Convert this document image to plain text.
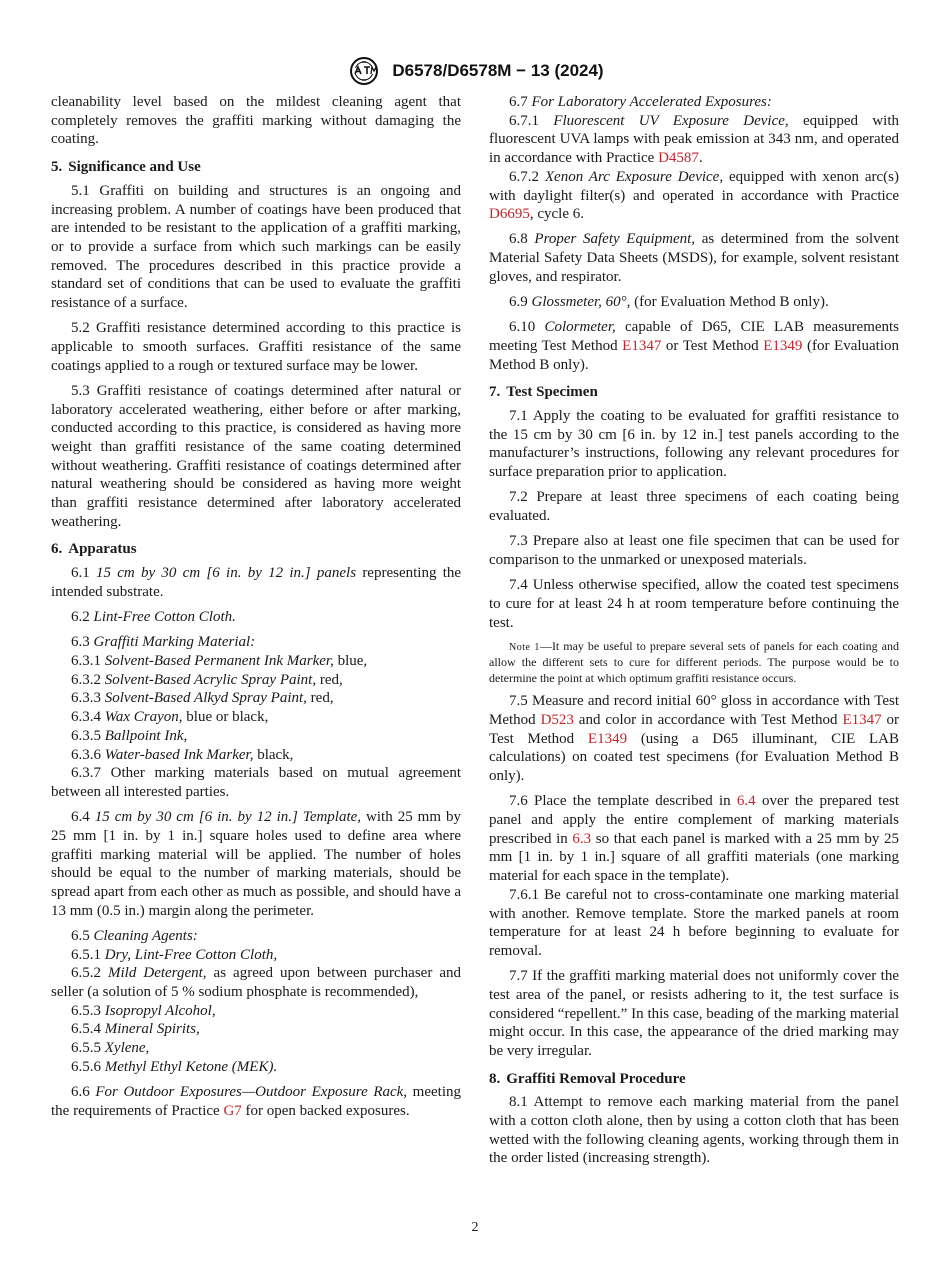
D6578/D6578M − 13 (2024)

cleanability level based on the mildest cleaning agent that completely removes the graffiti marking without damaging the coating.

5. Significance and Use

5.1 Graffiti on building and structures is an ongoing and increasing problem. A number of coatings have been produced that are intended to be resistant to the application of a graffiti marking, or to provide a surface from which such markings can be easily removed. The procedures described in this practice provide a standard set of conditions that can be used to evaluate the graffiti resistance of a surface.

5.2 Graffiti resistance determined according to this practice is applicable to smooth surfaces. Graffiti resistance of the same coatings applied to a rough or textured surface may be lower.

5.3 Graffiti resistance of coatings determined after natural or laboratory accelerated weathering, either before or after marking, conducted according to this practice, is considered as having more weight than graffiti resistance of the same coating determined without weathering. Graffiti resistance of coatings determined after natural weathering should be considered as having more weight than graffiti resistance determined after laboratory accelerated weathering.

6. Apparatus

6.1 15 cm by 30 cm [6 in. by 12 in.] panels representing the intended substrate.

6.2 Lint-Free Cotton Cloth.

6.3 Graffiti Marking Material:

6.3.1 Solvent-Based Permanent Ink Marker, blue,

6.3.2 Solvent-Based Acrylic Spray Paint, red,

6.3.3 Solvent-Based Alkyd Spray Paint, red,

6.3.4 Wax Crayon, blue or black,

6.3.5 Ballpoint Ink,

6.3.6 Water-based Ink Marker, black,

6.3.7 Other marking materials based on mutual agreement between all interested parties.

6.4 15 cm by 30 cm [6 in. by 12 in.] Template, with 25 mm by 25 mm [1 in. by 1 in.] square holes used to define area where graffiti marking material will be applied. The number of holes should be equal to the number of marking materials, should be spread apart from each other as much as possible, and should have a 13 mm (0.5 in.) margin along the perimeter.

6.5 Cleaning Agents:

6.5.1 Dry, Lint-Free Cotton Cloth,

6.5.2 Mild Detergent, as agreed upon between purchaser and seller (a solution of 5 % sodium phosphate is recommended),

6.5.3 Isopropyl Alcohol,

6.5.4 Mineral Spirits,

6.5.5 Xylene,

6.5.6 Methyl Ethyl Ketone (MEK).

6.6 For Outdoor Exposures—Outdoor Exposure Rack, meeting the requirements of Practice G7 for open backed exposures.

6.7 For Laboratory Accelerated Exposures:

6.7.1 Fluorescent UV Exposure Device, equipped with fluorescent UVA lamps with peak emission at 343 nm, and operated in accordance with Practice D4587.

6.7.2 Xenon Arc Exposure Device, equipped with xenon arc(s) with daylight filter(s) and operated in accordance with Practice D6695, cycle 6.

6.8 Proper Safety Equipment, as determined from the solvent Material Safety Data Sheets (MSDS), for example, solvent resistant gloves, and respirator.

6.9 Glossmeter, 60°, (for Evaluation Method B only).

6.10 Colormeter, capable of D65, CIE LAB measurements meeting Test Method E1347 or Test Method E1349 (for Evaluation Method B only).

7. Test Specimen

7.1 Apply the coating to be evaluated for graffiti resistance to the 15 cm by 30 cm [6 in. by 12 in.] test panels according to the manufacturer’s instructions, following any relevant procedures for surface preparation prior to application.

7.2 Prepare at least three specimens of each coating being evaluated.

7.3 Prepare also at least one file specimen that can be used for comparison to the unmarked or unexposed materials.

7.4 Unless otherwise specified, allow the coated test specimens to cure for at least 24 h at room temperature before continuing the test.

Note 1—It may be useful to prepare several sets of panels for each coating and allow the different sets to cure for different periods. The purpose would be to determine the point at which optimum graffiti resistance occurs.

7.5 Measure and record initial 60° gloss in accordance with Test Method D523 and color in accordance with Test Method E1347 or Test Method E1349 (using a D65 illuminant, CIE LAB calculations) on coated test specimens (for Evaluation Method B only).

7.6 Place the template described in 6.4 over the prepared test panel and apply the entire complement of marking materials prescribed in 6.3 so that each panel is marked with a 25 mm by 25 mm [1 in. by 1 in.] square of all graffiti materials (one marking material for each space in the template).

7.6.1 Be careful not to cross-contaminate one marking material with another. Remove template. Store the marked panels at room temperature for at least 24 h before beginning to evaluate for removal.

7.7 If the graffiti marking material does not uniformly cover the test area of the panel, or resists adhering to it, the test surface is considered “repellent.” In this case, beading of the marking material might occur. In this case, the appearance of the dried marking may be very irregular.

8. Graffiti Removal Procedure

8.1 Attempt to remove each marking material from the panel with a cotton cloth alone, then by using a cotton cloth that has been wetted with the following cleaning agents, working through them in the order listed (increasing strength).

2
